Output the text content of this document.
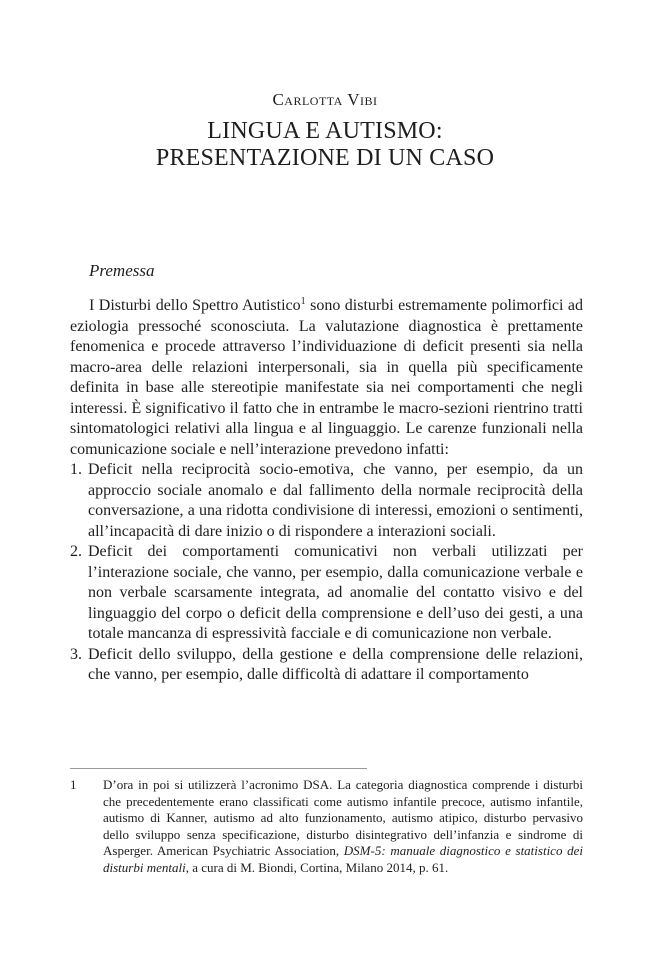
Carlotta Vibi
LINGUA E AUTISMO:
PRESENTAZIONE DI UN CASO
Premessa

I Disturbi dello Spettro Autistico$^1$ sono disturbi estremamente polimorfici ad eziologia pressoché sconosciuta. La valutazione diagnostica è prettamente fenomenica e procede attraverso l’individuazione di deficit presenti sia nella macro-area delle relazioni interpersonali, sia in quella più specificamente definita in base alle stereotipie manifestate sia nei comportamenti che negli interessi. È significativo il fatto che in entrambe le macro-sezioni rientrino tratti sintomatologici relativi alla lingua e al linguaggio. Le carenze funzionali nella comunicazione sociale e nell’interazione prevedono infatti:

1. Deficit nella reciprocità socio-emotiva, che vanno, per esempio, da un approccio sociale anomalo e dal fallimento della normale reciprocità della conversazione, a una ridotta condivisione di interessi, emozioni o sentimenti, all’incapacità di dare inizio o di rispondere a interazioni sociali.
2. Deficit dei comportamenti comunicativi non verbali utilizzati per l’interazione sociale, che vanno, per esempio, dalla comunicazione verbale e non verbale scarsamente integrata, ad anomalie del contatto visivo e del linguaggio del corpo o deficit della comprensione e dell’uso dei gesti, a una totale mancanza di espressività facciale e di comunicazione non verbale.
3. Deficit dello sviluppo, della gestione e della comprensione delle relazioni, che vanno, per esempio, dalle difficoltà di adattare il comportamento
1	D’ora in poi si utilizzerà l’acronimo DSA. La categoria diagnostica comprende i disturbi che precedentemente erano classificati come autismo infantile precoce, autismo infantile, autismo di Kanner, autismo ad alto funzionamento, autismo atipico, disturbo pervasivo dello sviluppo senza specificazione, disturbo disintegrativo dell’infanzia e sindrome di Asperger. American Psychiatric Association, DSM-5: manuale diagnostico e statistico dei disturbi mentali, a cura di M. Biondi, Cortina, Milano 2014, p. 61.
